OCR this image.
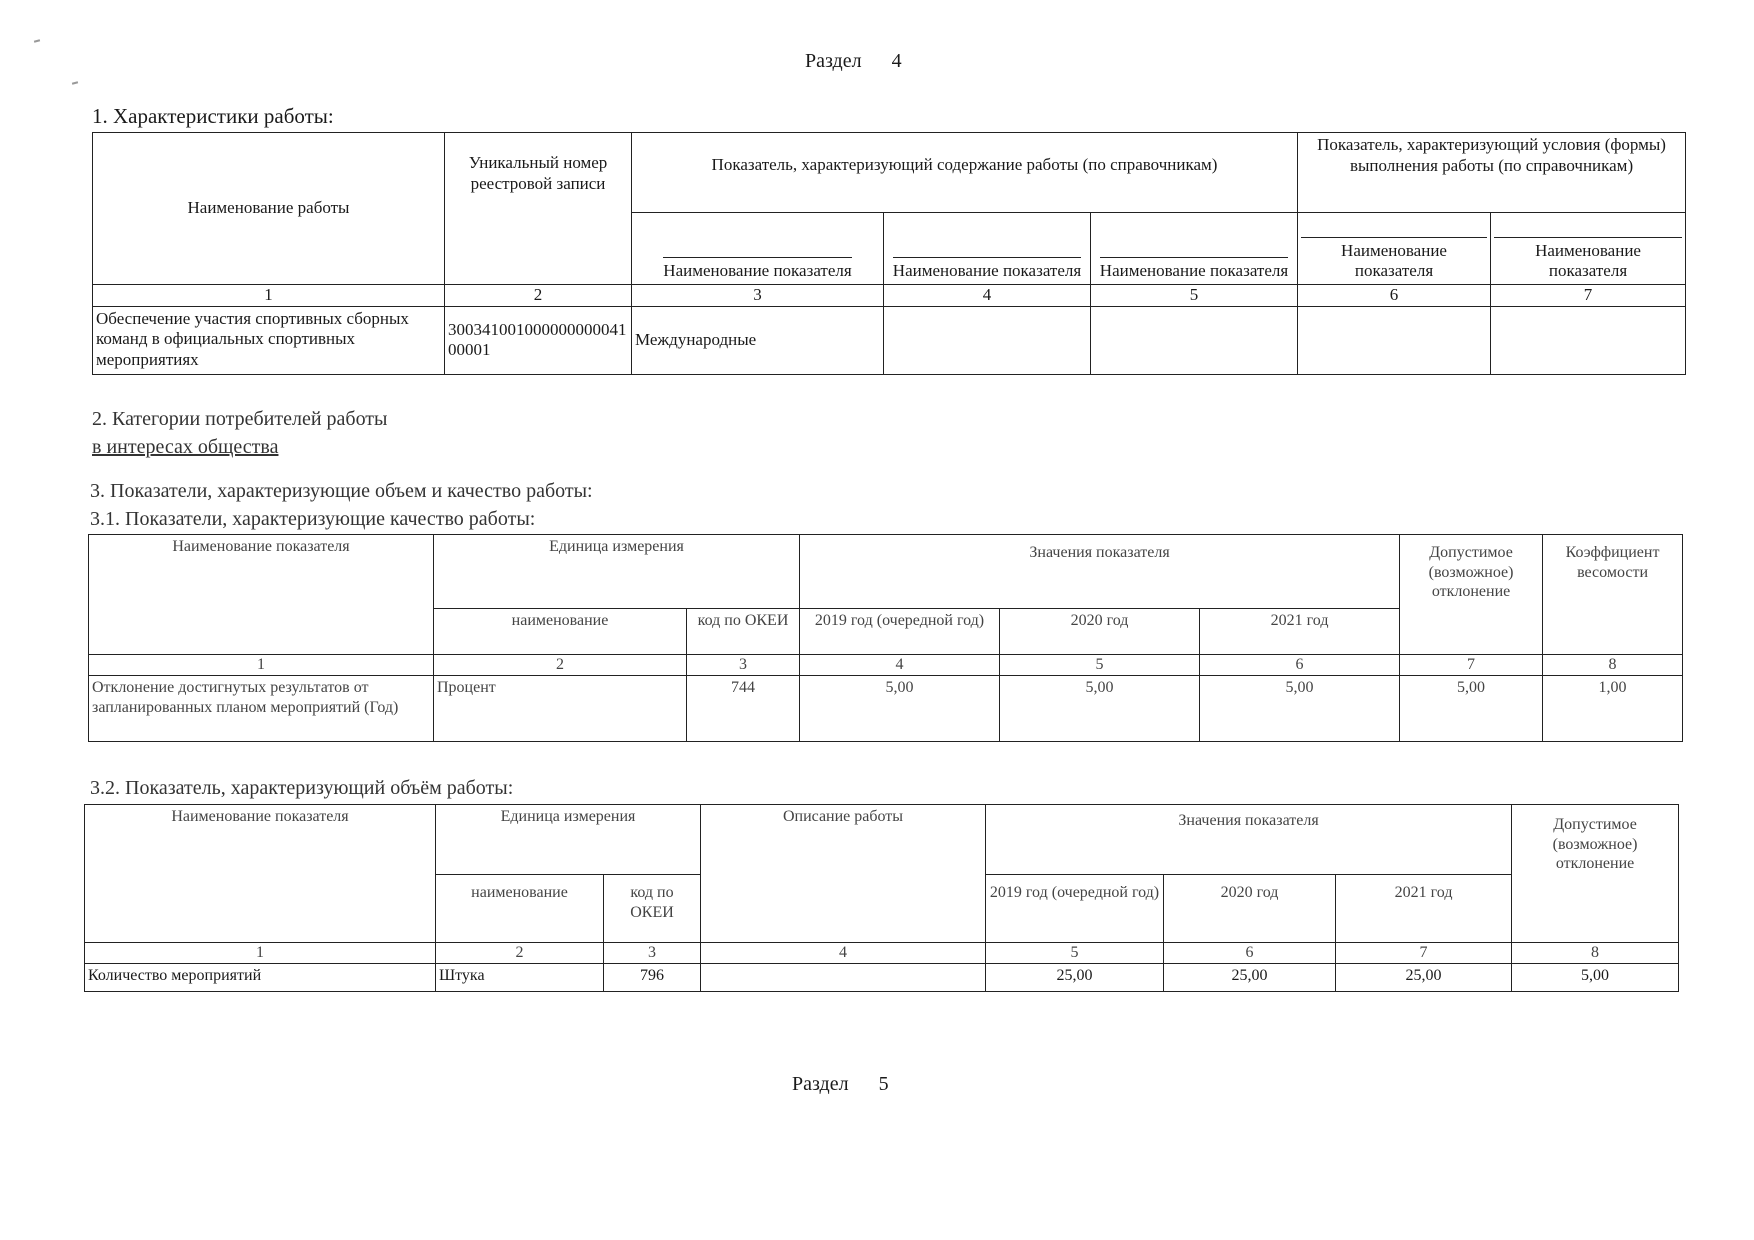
Раздел      4
1. Характеристики работы:
Наименование работы	Уникальный номер реестровой записи	Показатель, характеризующий содержание работы (по справочникам)			Показатель, характеризующий условия (формы) выполнения работы (по справочникам)	
		Наименование показателя	Наименование показателя	Наименование показателя	Наименование показателя	Наименование показателя
1	2	3	4	5	6	7
Обеспечение участия спортивных сборных команд в официальных спортивных мероприятиях	30034100100000000004100001	Международные				
2. Категории потребителей работы
в интересах общества
3. Показатели, характеризующие объем и качество работы:
3.1. Показатели, характеризующие качество работы:
Наименование показателя	Единица измерения		Значения показателя			Допустимое (возможное) отклонение	Коэффициент весомости
	наименование	код по ОКЕИ	2019 год (очередной год)	2020 год	2021 год		
1	2	3	4	5	6	7	8
Отклонение достигнутых результатов от запланированных планом мероприятий (Год)	Процент	744	5,00	5,00	5,00	5,00	1,00
3.2. Показатель, характеризующий объём работы:
Наименование показателя	Единица измерения		Описание работы	Значения показателя			Допустимое (возможное) отклонение
	наименование	код по ОКЕИ		2019 год (очередной год)	2020 год	2021 год	
1	2	3	4	5	6	7	8
Количество мероприятий	Штука	796		25,00	25,00	25,00	5,00
Раздел      5
